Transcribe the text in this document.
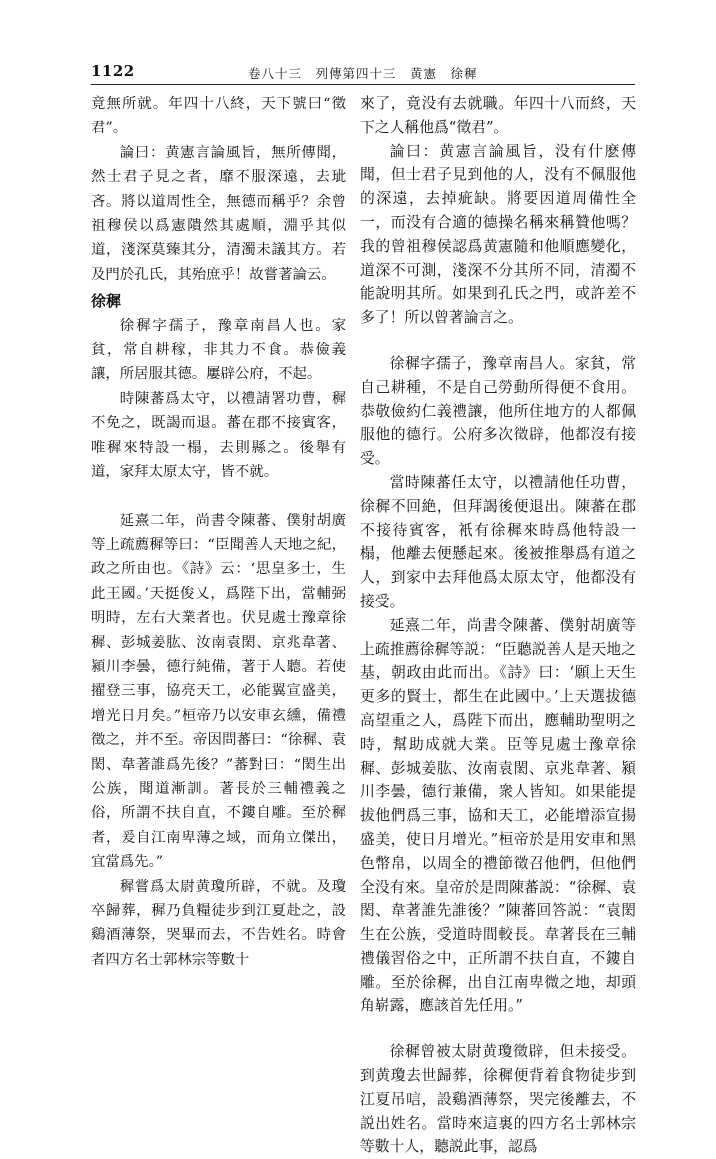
1122	卷八十三　列傳第四十三　黄憲　徐穉

竟無所就。年四十八終，天下號曰“徵君”。

論曰：黄憲言論風旨，無所傳聞，然士君子見之者，靡不服深遠，去玼吝。將以道周性全，無德而稱乎？余曾祖穆侯以爲憲隤然其處順，淵乎其似道，淺深莫臻其分，清濁未議其方。若及門於孔氏，其殆庶乎！故嘗著論云。

徐穉

徐穉字孺子，豫章南昌人也。家貧，常自耕稼，非其力不食。恭儉義讓，所居服其德。屢辟公府，不起。

時陳蕃爲太守，以禮請署功曹，穉不免之，既謁而退。蕃在郡不接賓客，唯穉來特設一榻，去則縣之。後舉有道，家拜太原太守，皆不就。

延熹二年，尚書令陳蕃、僕射胡廣等上疏薦穉等曰：“臣聞善人天地之紀，政之所由也。《詩》云：‘思皇多士，生此王國。’天挺俊乂，爲陛下出，當輔弼明時，左右大業者也。伏見處士豫章徐穉、彭城姜肱、汝南袁閎、京兆韋著、潁川李曇，德行純備，著于人聽。若使擢登三事，協亮天工，必能翼宣盛美，增光日月矣。”桓帝乃以安車玄纁，備禮徵之，并不至。帝因問蕃曰：“徐穉、袁閎、韋著誰爲先後？”蕃對曰：“閎生出公族，聞道漸訓。著長於三輔禮義之俗，所謂不扶自直，不鏤自雕。至於穉者，爰自江南卑薄之域，而角立傑出，宜當爲先。”

穉嘗爲太尉黄瓊所辟，不就。及瓊卒歸葬，穉乃負糧徒步到江夏赴之，設鷄酒薄祭，哭畢而去，不告姓名。時會者四方名士郭林宗等數十

來了，竟没有去就職。年四十八而終，天下之人稱他爲“徵君”。

論曰：黄憲言論風旨，没有什麽傳聞，但士君子見到他的人，没有不佩服他的深遠，去掉疵缺。將要因道周備性全一，而没有合適的德操名稱來稱贊他嗎？我的曾祖穆侯認爲黄憲隨和他順應變化，道深不可測，淺深不分其所不同，清濁不能說明其所。如果到孔氏之門，或許差不多了！所以曾著論言之。

徐穉字孺子，豫章南昌人。家貧，常自己耕種，不是自己勞動所得便不食用。恭敬儉約仁義禮讓，他所住地方的人都佩服他的德行。公府多次徵辟，他都沒有接受。

當時陳蕃任太守，以禮請他任功曹，徐穉不回絶，但拜謁後便退出。陳蕃在郡不接待賓客，衹有徐穉來時爲他特設一榻，他離去便懸起來。後被推舉爲有道之人，到家中去拜他爲太原太守，他都没有接受。

延熹二年，尚書令陳蕃、僕射胡廣等上疏推薦徐穉等説：“臣聽説善人是天地之基，朝政由此而出。《詩》曰：‘願上天生更多的賢士，都生在此國中。’上天選拔德高望重之人，爲陛下而出，應輔助聖明之時，幫助成就大業。臣等見處士豫章徐穉、彭城姜肱、汝南袁閎、京兆韋著、潁川李曇，德行兼備，衆人皆知。如果能提拔他們爲三事，協和天工，必能增添宣揚盛美，使日月增光。”桓帝於是用安車和黑色幣帛，以周全的禮節徵召他們，但他們全没有來。皇帝於是問陳蕃説：“徐穉、袁閎、韋著誰先誰後？”陳蕃回答説：“袁閎生在公族，受道時間較長。韋著長在三輔禮儀習俗之中，正所謂不扶自直，不鏤自雕。至於徐穉，出自江南卑微之地，却頭角崭露，應該首先任用。”

徐穉曾被太尉黄瓊徵辟，但未接受。到黄瓊去世歸葬，徐穉便背着食物徒步到江夏吊唁，設鷄酒薄祭，哭完後離去，不説出姓名。當時來這裏的四方名士郭林宗等數十人，聽説此事，認爲
